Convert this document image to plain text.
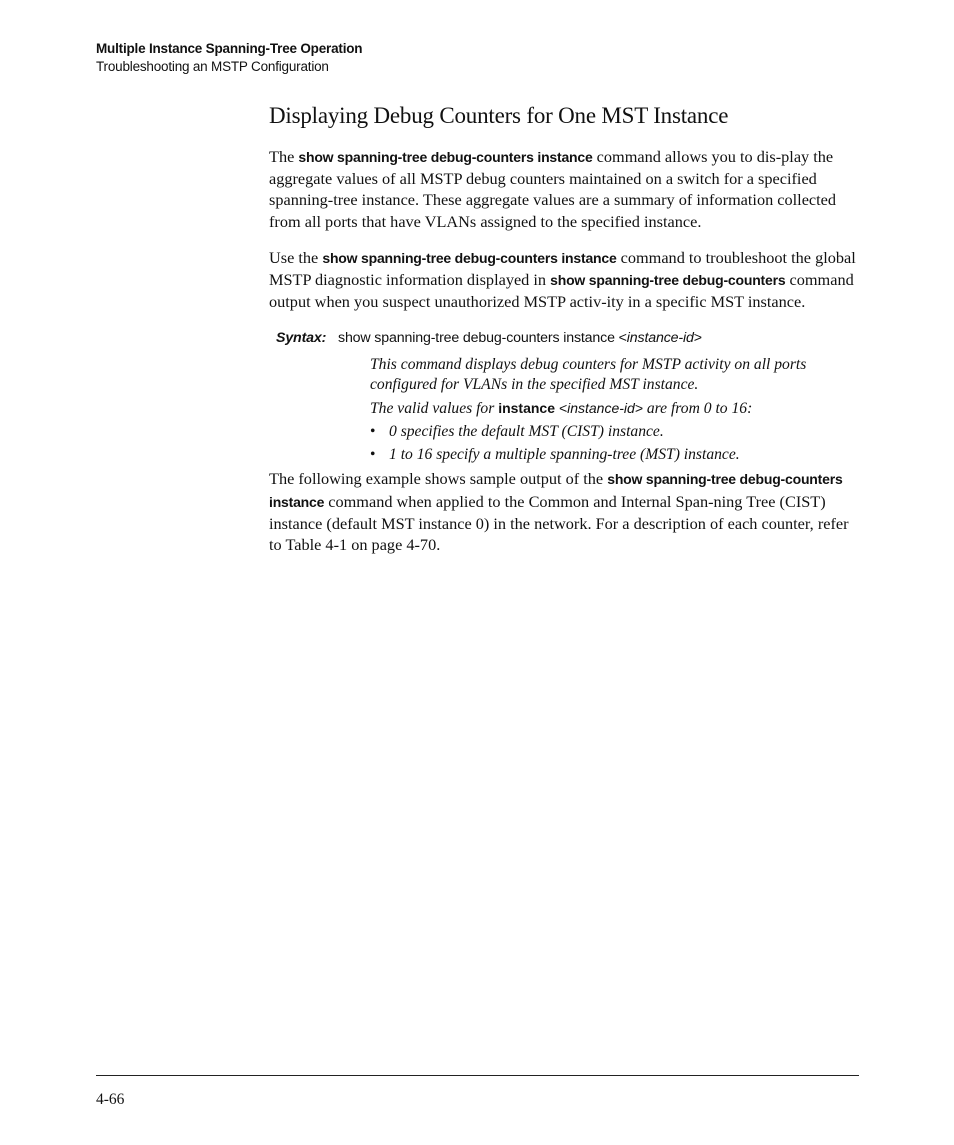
Multiple Instance Spanning-Tree Operation
Troubleshooting an MSTP Configuration
Displaying Debug Counters for One MST Instance

The show spanning-tree debug-counters instance command allows you to dis-play the aggregate values of all MSTP debug counters maintained on a switch for a specified spanning-tree instance. These aggregate values are a summary of information collected from all ports that have VLANs assigned to the specified instance.

Use the show spanning-tree debug-counters instance command to troubleshoot the global MSTP diagnostic information displayed in show spanning-tree debug-counters command output when you suspect unauthorized MSTP activ-ity in a specific MST instance.

Syntax: show spanning-tree debug-counters instance <instance-id>

This command displays debug counters for MSTP activity on all ports configured for VLANs in the specified MST instance.

The valid values for instance <instance-id> are from 0 to 16:

• 0 specifies the default MST (CIST) instance.
• 1 to 16 specify a multiple spanning-tree (MST) instance.

The following example shows sample output of the show spanning-tree debug-counters instance command when applied to the Common and Internal Span-ning Tree (CIST) instance (default MST instance 0) in the network. For a description of each counter, refer to Table 4-1 on page 4-70.

4-66
